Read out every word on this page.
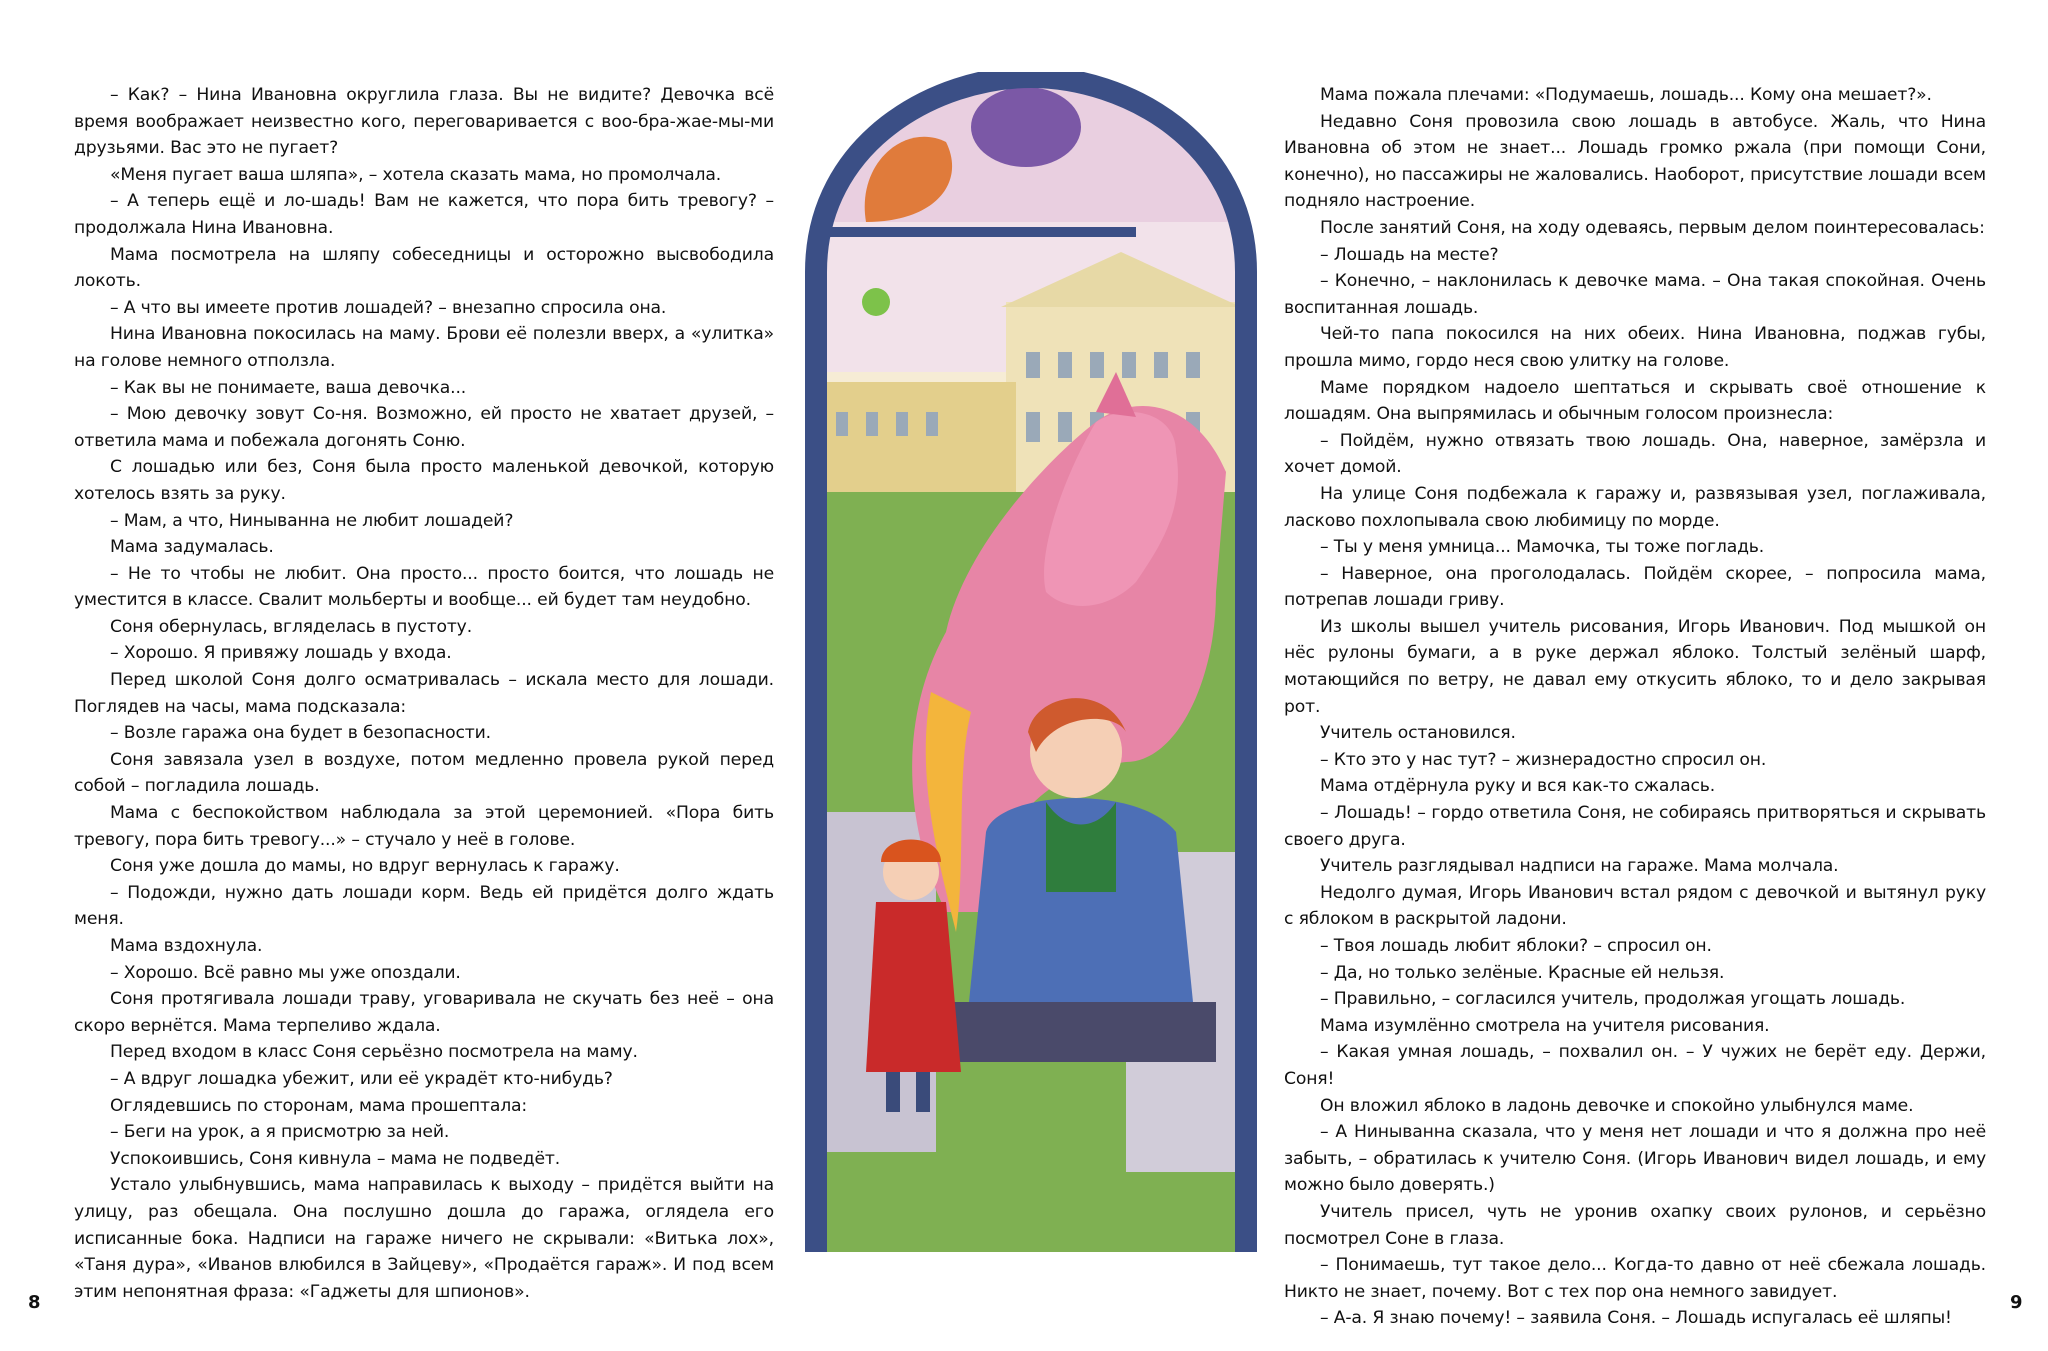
– Как? – Нина Ивановна округлила глаза. Вы не видите? Девочка всё время воображает неизвестно кого, переговаривается с воо-бра-жае-мы-ми друзьями. Вас это не пугает?

«Меня пугает ваша шляпа», – хотела сказать мама, но промолчала.

– А теперь ещё и ло-шадь! Вам не кажется, что пора бить тревогу? – продолжала Нина Ивановна.

Мама посмотрела на шляпу собеседницы и осторожно высвободила локоть.

– А что вы имеете против лошадей? – внезапно спросила она.

Нина Ивановна покосилась на маму. Брови её полезли вверх, а «улитка» на голове немного отползла.

– Как вы не понимаете, ваша девочка...

– Мою девочку зовут Со-ня. Возможно, ей просто не хватает друзей, – ответила мама и побежала догонять Соню.

С лошадью или без, Соня была просто маленькой девочкой, которую хотелось взять за руку.

– Мам, а что, Ниныванна не любит лошадей?

Мама задумалась.

– Не то чтобы не любит. Она просто... просто боится, что лошадь не уместится в классе. Свалит мольберты и вообще... ей будет там неудобно.

Соня обернулась, вгляделась в пустоту.

– Хорошо. Я привяжу лошадь у входа.

Перед школой Соня долго осматривалась – искала место для лошади. Поглядев на часы, мама подсказала:

– Возле гаража она будет в безопасности.

Соня завязала узел в воздухе, потом медленно провела рукой перед собой – погладила лошадь.

Мама с беспокойством наблюдала за этой церемонией. «Пора бить тревогу, пора бить тревогу...» – стучало у неё в голове.

Соня уже дошла до мамы, но вдруг вернулась к гаражу.

– Подожди, нужно дать лошади корм. Ведь ей придётся долго ждать меня.

Мама вздохнула.

– Хорошо. Всё равно мы уже опоздали.

Соня протягивала лошади траву, уговаривала не скучать без неё – она скоро вернётся. Мама терпеливо ждала.

Перед входом в класс Соня серьёзно посмотрела на маму.

– А вдруг лошадка убежит, или её украдёт кто-нибудь?

Оглядевшись по сторонам, мама прошептала:

– Беги на урок, а я присмотрю за ней.

Успокоившись, Соня кивнула – мама не подведёт.

Устало улыбнувшись, мама направилась к выходу – придётся выйти на улицу, раз обещала. Она послушно дошла до гаража, оглядела его исписанные бока. Надписи на гараже ничего не скрывали: «Витька лох», «Таня дура», «Иванов влюбился в Зайцеву», «Продаётся гараж». И под всем этим непонятная фраза: «Гаджеты для шпионов».

Мама пожала плечами: «Подумаешь, лошадь... Кому она мешает?».

Недавно Соня провозила свою лошадь в автобусе. Жаль, что Нина Ивановна об этом не знает... Лошадь громко ржала (при помощи Сони, конечно), но пассажиры не жаловались. Наоборот, присутствие лошади всем подняло настроение.

После занятий Соня, на ходу одеваясь, первым делом поинтересовалась:

– Лошадь на месте?

– Конечно, – наклонилась к девочке мама. – Она такая спокойная. Очень воспитанная лошадь.

Чей-то папа покосился на них обеих. Нина Ивановна, поджав губы, прошла мимо, гордо неся свою улитку на голове.

Маме порядком надоело шептаться и скрывать своё отношение к лошадям. Она выпрямилась и обычным голосом произнесла:

– Пойдём, нужно отвязать твою лошадь. Она, наверное, замёрзла и хочет домой.

На улице Соня подбежала к гаражу и, развязывая узел, поглаживала, ласково похлопывала свою любимицу по морде.

– Ты у меня умница... Мамочка, ты тоже погладь.

– Наверное, она проголодалась. Пойдём скорее, – попросила мама, потрепав лошади гриву.

Из школы вышел учитель рисования, Игорь Иванович. Под мышкой он нёс рулоны бумаги, а в руке держал яблоко. Толстый зелёный шарф, мотающийся по ветру, не давал ему откусить яблоко, то и дело закрывая рот.

Учитель остановился.

– Кто это у нас тут? – жизнерадостно спросил он.

Мама отдёрнула руку и вся как-то сжалась.

– Лошадь! – гордо ответила Соня, не собираясь притворяться и скрывать своего друга.

Учитель разглядывал надписи на гараже. Мама молчала.

Недолго думая, Игорь Иванович встал рядом с девочкой и вытянул руку с яблоком в раскрытой ладони.

– Твоя лошадь любит яблоки? – спросил он.

– Да, но только зелёные. Красные ей нельзя.

– Правильно, – согласился учитель, продолжая угощать лошадь.

Мама изумлённо смотрела на учителя рисования.

– Какая умная лошадь, – похвалил он. – У чужих не берёт еду. Держи, Соня!

Он вложил яблоко в ладонь девочке и спокойно улыбнулся маме.

– А Ниныванна сказала, что у меня нет лошади и что я должна про неё забыть, – обратилась к учителю Соня. (Игорь Иванович видел лошадь, и ему можно было доверять.)

Учитель присел, чуть не уронив охапку своих рулонов, и серьёзно посмотрел Соне в глаза.

– Понимаешь, тут такое дело... Когда-то давно от неё сбежала лошадь. Никто не знает, почему. Вот с тех пор она немного завидует.

– А-а. Я знаю почему! – заявила Соня. – Лошадь испугалась её шляпы!

8	9
